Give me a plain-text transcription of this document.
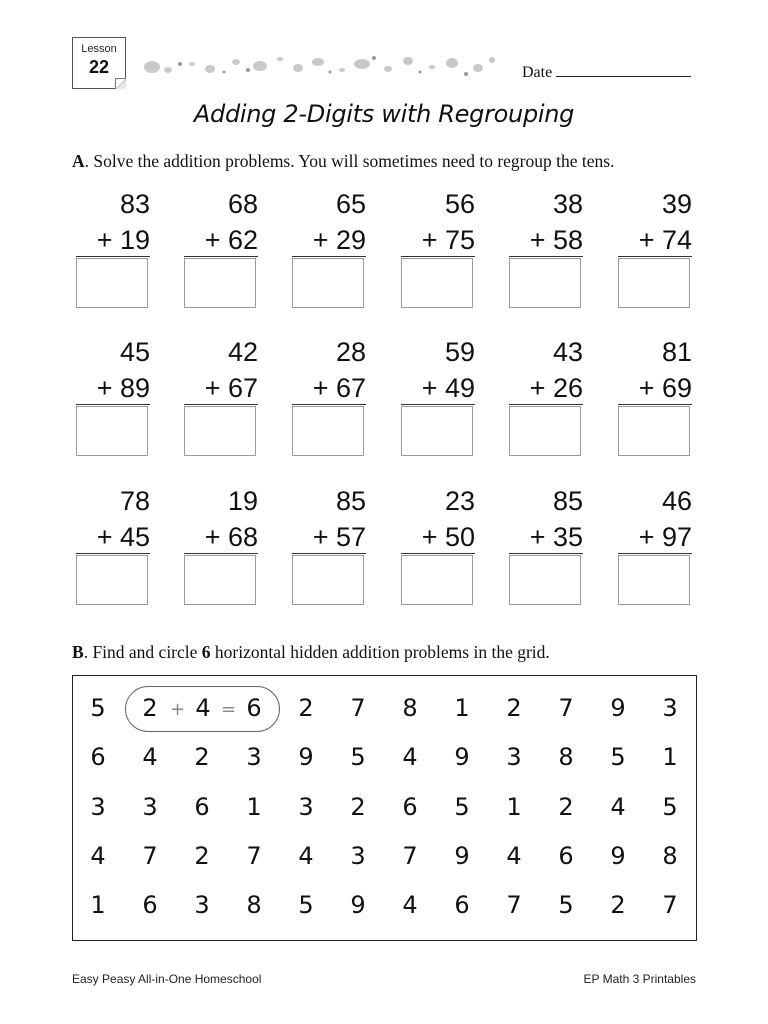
Lesson
22	Date
Adding 2-Digits with Regrouping
A. Solve the addition problems. You will sometimes need to regroup the tens.
83
+ 19
68
+ 62
65
+ 29
56
+ 75
38
+ 58
39
+ 74
45
+ 89
42
+ 67
28
+ 67
59
+ 49
43
+ 26
81
+ 69
78
+ 45
19
+ 68
85
+ 57
23
+ 50
85
+ 35
46
+ 97
B. Find and circle 6 horizontal hidden addition problems in the grid.
5	2	4	6	2	7	8	1	2	7	9	3
6	4	2	3	9	5	4	9	3	8	5	1
3	3	6	1	3	2	6	5	1	2	4	5
4	7	2	7	4	3	7	9	4	6	9	8
1	6	3	8	5	9	4	6	7	5	2	7
+ =
Easy Peasy All-in-One Homeschool	EP Math 3 Printables
